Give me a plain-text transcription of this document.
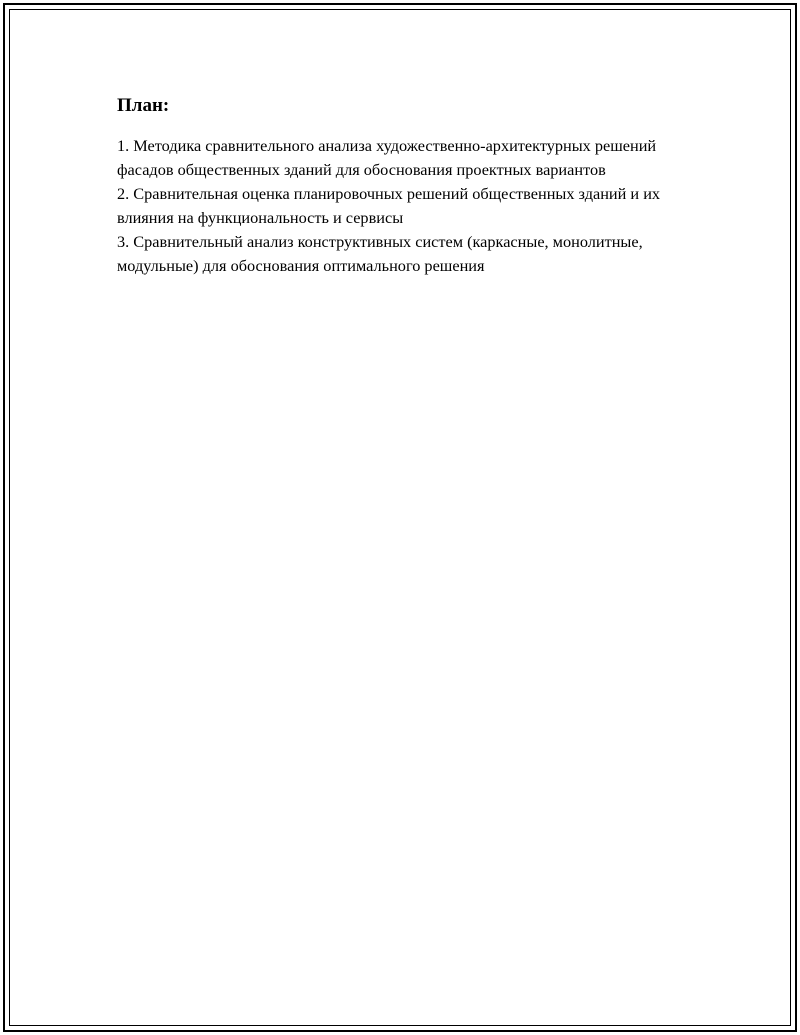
План:
1. Методика сравнительного анализа художественно-архитектурных решений фасадов общественных зданий для обоснования проектных вариантов
2. Сравнительная оценка планировочных решений общественных зданий и их влияния на функциональность и сервисы
3. Сравнительный анализ конструктивных систем (каркасные, монолитные, модульные) для обоснования оптимального решения
